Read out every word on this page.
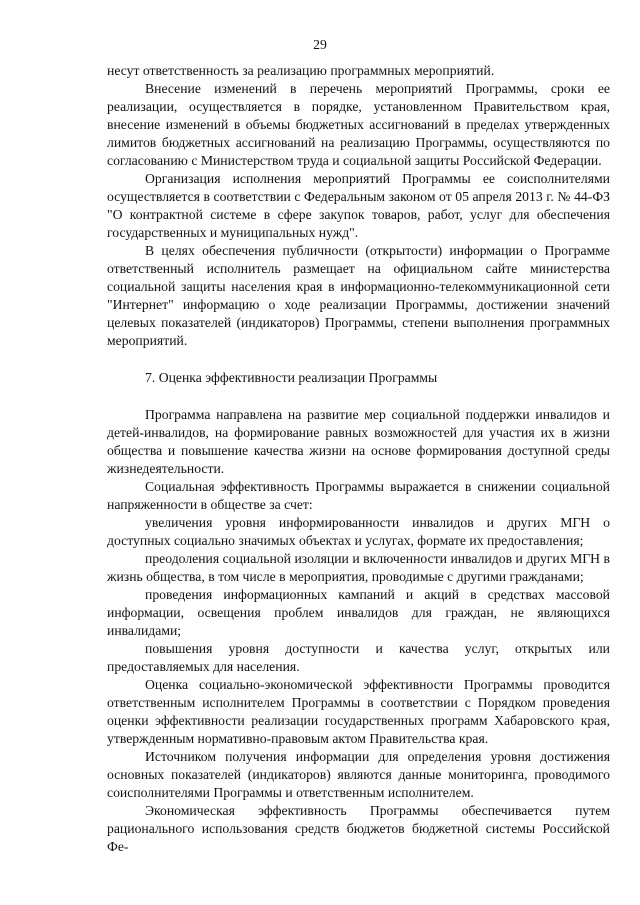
29

несут ответственность за реализацию программных мероприятий.

Внесение изменений в перечень мероприятий Программы, сроки ее реализации, осуществляется в порядке, установленном Правительством края, внесение изменений в объемы бюджетных ассигнований в пределах утвержденных лимитов бюджетных ассигнований на реализацию Программы, осуществляются по согласованию с Министерством труда и социальной защиты Российской Федерации.

Организация исполнения мероприятий Программы ее соисполнителями осуществляется в соответствии с Федеральным законом от 05 апреля 2013 г. № 44-ФЗ "О контрактной системе в сфере закупок товаров, работ, услуг для обеспечения государственных и муниципальных нужд".

В целях обеспечения публичности (открытости) информации о Программе ответственный исполнитель размещает на официальном сайте министерства социальной защиты населения края в информационно-телекоммуникационной сети "Интернет" информацию о ходе реализации Программы, достижении значений целевых показателей (индикаторов) Программы, степени выполнения программных мероприятий.

7. Оценка эффективности реализации Программы

Программа направлена на развитие мер социальной поддержки инвалидов и детей-инвалидов, на формирование равных возможностей для участия их в жизни общества и повышение качества жизни на основе формирования доступной среды жизнедеятельности.

Социальная эффективность Программы выражается в снижении социальной напряженности в обществе за счет:

увеличения уровня информированности инвалидов и других МГН о доступных социально значимых объектах и услугах, формате их предоставления;

преодоления социальной изоляции и включенности инвалидов и других МГН в жизнь общества, в том числе в мероприятия, проводимые с другими гражданами;

проведения информационных кампаний и акций в средствах массовой информации, освещения проблем инвалидов для граждан, не являющихся инвалидами;

повышения уровня доступности и качества услуг, открытых или предоставляемых для населения.

Оценка социально-экономической эффективности Программы проводится ответственным исполнителем Программы в соответствии с Порядком проведения оценки эффективности реализации государственных программ Хабаровского края, утвержденным нормативно-правовым актом Правительства края.

Источником получения информации для определения уровня достижения основных показателей (индикаторов) являются данные мониторинга, проводимого соисполнителями Программы и ответственным исполнителем.

Экономическая эффективность Программы обеспечивается путем рационального использования средств бюджетов бюджетной системы Российской Фе-
